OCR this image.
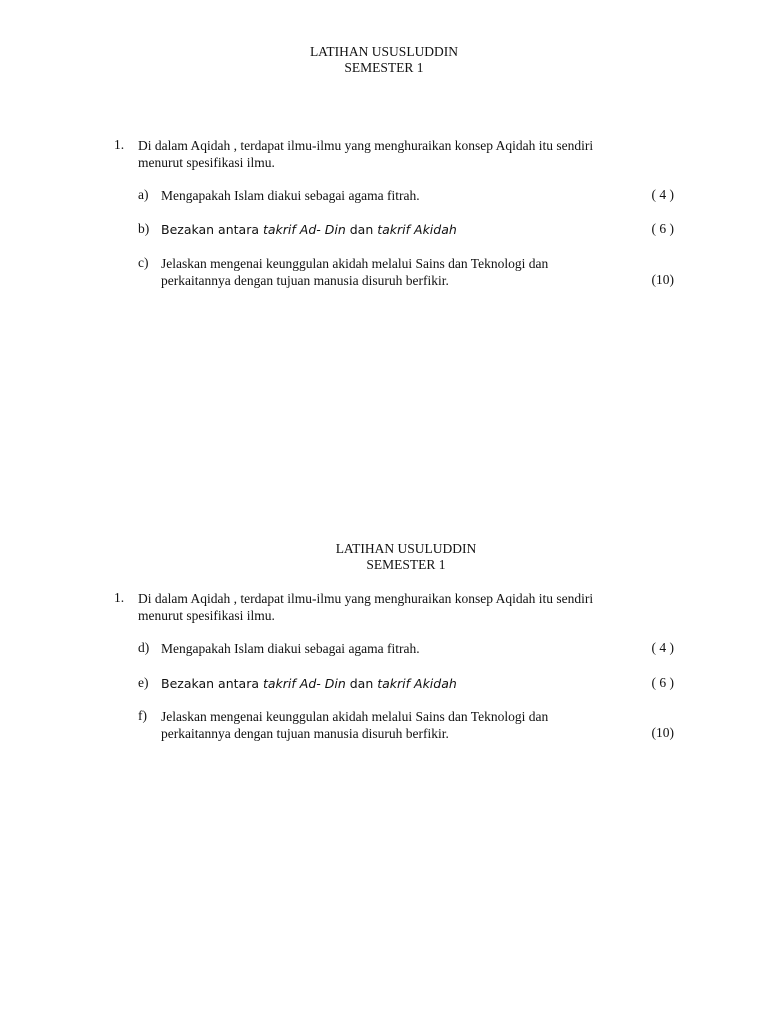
LATIHAN USUSLUDDIN
SEMESTER 1
1. Di dalam Aqidah , terdapat ilmu-ilmu yang menghuraikan konsep Aqidah itu sendiri
menurut spesifikasi ilmu.
a) Mengapakah Islam diakui sebagai agama fitrah.	( 4 )
b) Bezakan antara takrif Ad- Din dan takrif Akidah	( 6 )
c) Jelaskan mengenai keunggulan akidah melalui Sains dan Teknologi dan
perkaitannya dengan tujuan manusia disuruh berfikir.	(10)
LATIHAN USULUDDIN
SEMESTER 1
1. Di dalam Aqidah , terdapat ilmu-ilmu yang menghuraikan konsep Aqidah itu sendiri
menurut spesifikasi ilmu.
d) Mengapakah Islam diakui sebagai agama fitrah.	( 4 )
e) Bezakan antara takrif Ad- Din dan takrif Akidah	( 6 )
f) Jelaskan mengenai keunggulan akidah melalui Sains dan Teknologi dan
perkaitannya dengan tujuan manusia disuruh berfikir.	(10)
